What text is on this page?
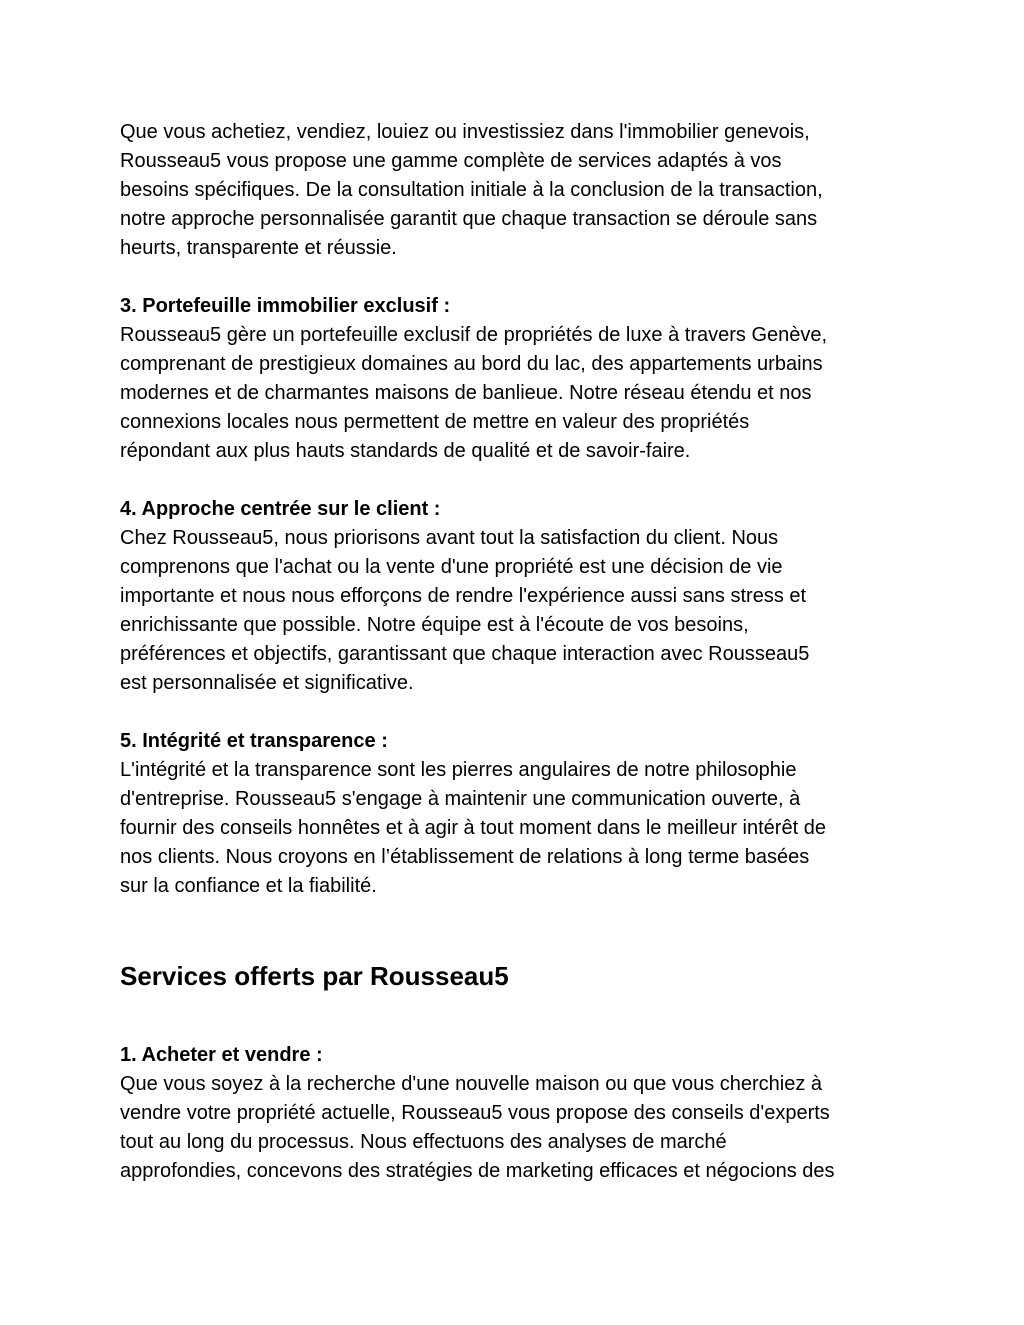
Que vous achetiez, vendiez, louiez ou investissiez dans l'immobilier genevois,
Rousseau5 vous propose une gamme complète de services adaptés à vos
besoins spécifiques. De la consultation initiale à la conclusion de la transaction,
notre approche personnalisée garantit que chaque transaction se déroule sans
heurts, transparente et réussie.

3. Portefeuille immobilier exclusif :

Rousseau5 gère un portefeuille exclusif de propriétés de luxe à travers Genève,
comprenant de prestigieux domaines au bord du lac, des appartements urbains
modernes et de charmantes maisons de banlieue. Notre réseau étendu et nos
connexions locales nous permettent de mettre en valeur des propriétés
répondant aux plus hauts standards de qualité et de savoir-faire.

4. Approche centrée sur le client :

Chez Rousseau5, nous priorisons avant tout la satisfaction du client. Nous
comprenons que l'achat ou la vente d'une propriété est une décision de vie
importante et nous nous efforçons de rendre l'expérience aussi sans stress et
enrichissante que possible. Notre équipe est à l'écoute de vos besoins,
préférences et objectifs, garantissant que chaque interaction avec Rousseau5
est personnalisée et significative.

5. Intégrité et transparence :

L'intégrité et la transparence sont les pierres angulaires de notre philosophie
d'entreprise. Rousseau5 s'engage à maintenir une communication ouverte, à
fournir des conseils honnêtes et à agir à tout moment dans le meilleur intérêt de
nos clients. Nous croyons en l’établissement de relations à long terme basées
sur la confiance et la fiabilité.

Services offerts par Rousseau5

1. Acheter et vendre :

Que vous soyez à la recherche d'une nouvelle maison ou que vous cherchiez à
vendre votre propriété actuelle, Rousseau5 vous propose des conseils d'experts
tout au long du processus. Nous effectuons des analyses de marché
approfondies, concevons des stratégies de marketing efficaces et négocions des
